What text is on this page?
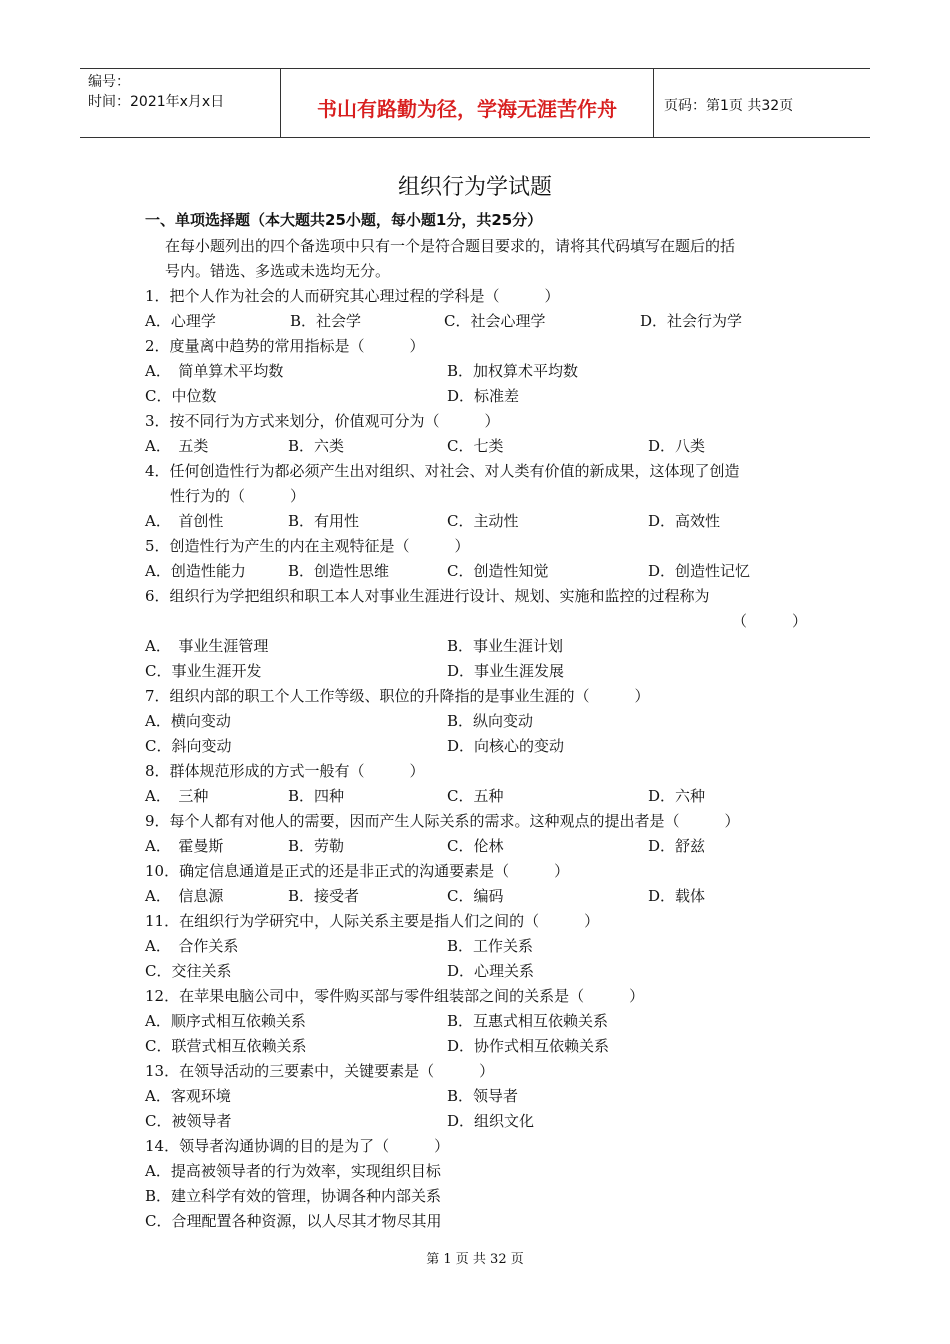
编号：
时间：2021年x月x日	书山有路勤为径，学海无涯苦作舟	页码：第1页 共32页
组织行为学试题
一、单项选择题（本大题共25小题，每小题1分，共25分）
在每小题列出的四个备选项中只有一个是符合题目要求的，请将其代码填写在题后的括
号内。错选、多选或未选均无分。
1．把个人作为社会的人而研究其心理过程的学科是（　　　）
A．心理学	B．社会学	C．社会心理学	D．社会行为学
2．度量离中趋势的常用指标是（　　　）
A．　简单算术平均数	B．加权算术平均数
C．中位数	D．标准差
3．按不同行为方式来划分，价值观可分为（　　　）
A．　五类	B．六类	C．七类	D．八类
4．任何创造性行为都必须产生出对组织、对社会、对人类有价值的新成果，这体现了创造
性行为的（　　　）
A．　首创性	B．有用性	C．主动性	D．高效性
5．创造性行为产生的内在主观特征是（　　　）
A．创造性能力	B．创造性思维	C．创造性知觉	D．创造性记忆
6．组织行为学把组织和职工本人对事业生涯进行设计、规划、实施和监控的过程称为
（　　　）
A．　事业生涯管理	B．事业生涯计划
C．事业生涯开发	D．事业生涯发展
7．组织内部的职工个人工作等级、职位的升降指的是事业生涯的（　　　）
A．横向变动	B．纵向变动
C．斜向变动	D．向核心的变动
8．群体规范形成的方式一般有（　　　）
A．　三种	B．四种	C．五种	D．六种
9．每个人都有对他人的需要，因而产生人际关系的需求。这种观点的提出者是（　　　）
A．　霍曼斯	B．劳勒	C．伦林	D．舒兹
10．确定信息通道是正式的还是非正式的沟通要素是（　　　）
A．　信息源	B．接受者	C．编码	D．载体
11．在组织行为学研究中，人际关系主要是指人们之间的（　　　）
A．　合作关系	B．工作关系
C．交往关系	D．心理关系
12．在苹果电脑公司中，零件购买部与零件组装部之间的关系是（　　　）
A．顺序式相互依赖关系	B．互惠式相互依赖关系
C．联营式相互依赖关系	D．协作式相互依赖关系
13．在领导活动的三要素中，关键要素是（　　　）
A．客观环境	B．领导者
C．被领导者	D．组织文化
14．领导者沟通协调的目的是为了（　　　）
A．提高被领导者的行为效率，实现组织目标
B．建立科学有效的管理，协调各种内部关系
C．合理配置各种资源，以人尽其才物尽其用
第 1 页 共 32 页
